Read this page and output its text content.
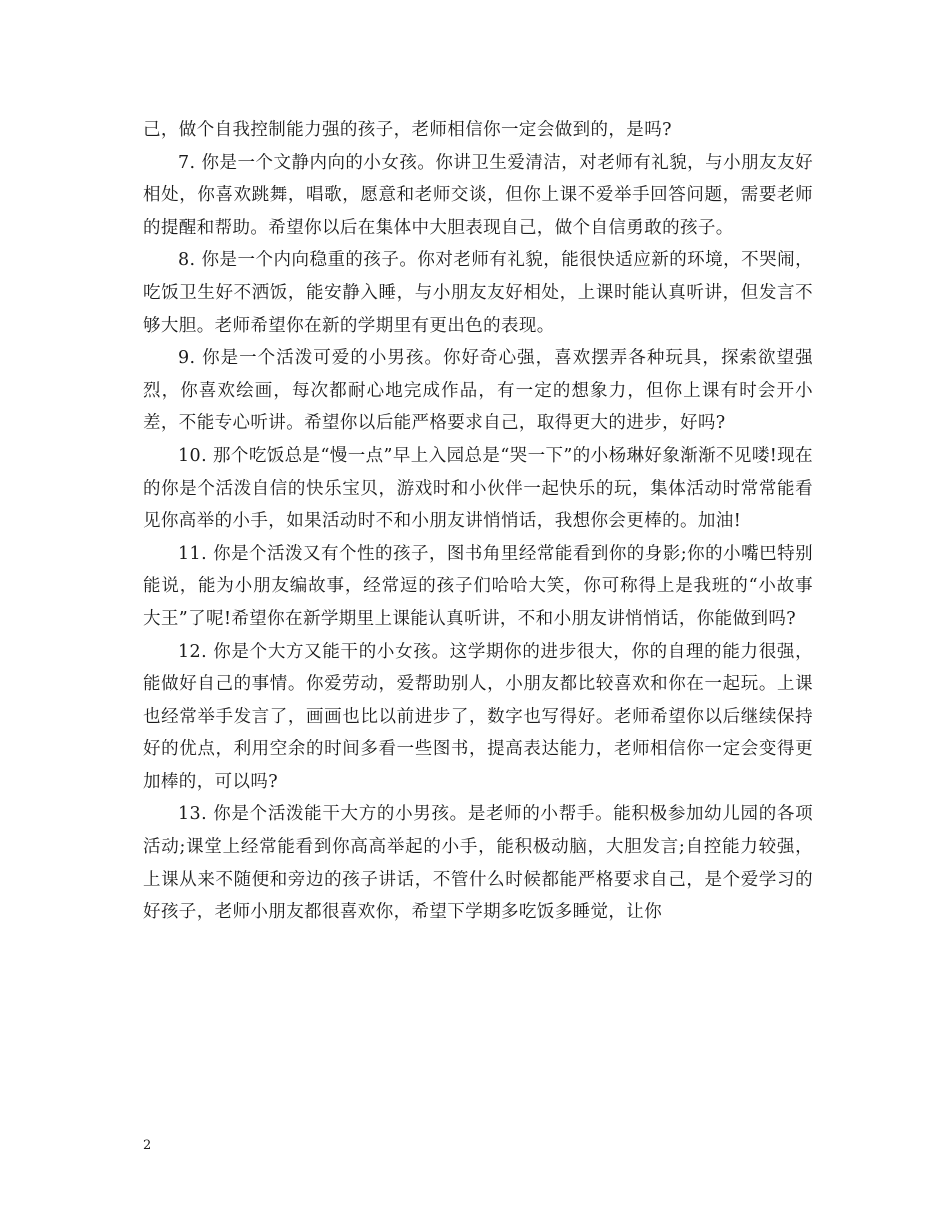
己，做个自我控制能力强的孩子，老师相信你一定会做到的，是吗?

7. 你是一个文静内向的小女孩。你讲卫生爱清洁，对老师有礼貌，与小朋友友好相处，你喜欢跳舞，唱歌，愿意和老师交谈，但你上课不爱举手回答问题，需要老师的提醒和帮助。希望你以后在集体中大胆表现自己，做个自信勇敢的孩子。

8. 你是一个内向稳重的孩子。你对老师有礼貌，能很快适应新的环境，不哭闹，吃饭卫生好不洒饭，能安静入睡，与小朋友友好相处，上课时能认真听讲，但发言不够大胆。老师希望你在新的学期里有更出色的表现。

9. 你是一个活泼可爱的小男孩。你好奇心强，喜欢摆弄各种玩具，探索欲望强烈，你喜欢绘画，每次都耐心地完成作品，有一定的想象力，但你上课有时会开小差，不能专心听讲。希望你以后能严格要求自己，取得更大的进步，好吗?

10. 那个吃饭总是“慢一点”早上入园总是“哭一下”的小杨琳好象渐渐不见喽!现在的你是个活泼自信的快乐宝贝，游戏时和小伙伴一起快乐的玩，集体活动时常常能看见你高举的小手，如果活动时不和小朋友讲悄悄话，我想你会更棒的。加油!

11. 你是个活泼又有个性的孩子，图书角里经常能看到你的身影;你的小嘴巴特别能说，能为小朋友编故事，经常逗的孩子们哈哈大笑，你可称得上是我班的“小故事大王”了呢!希望你在新学期里上课能认真听讲，不和小朋友讲悄悄话，你能做到吗?

12. 你是个大方又能干的小女孩。这学期你的进步很大，你的自理的能力很强，能做好自己的事情。你爱劳动，爱帮助别人，小朋友都比较喜欢和你在一起玩。上课也经常举手发言了，画画也比以前进步了，数字也写得好。老师希望你以后继续保持好的优点，利用空余的时间多看一些图书，提高表达能力，老师相信你一定会变得更加棒的，可以吗?

13. 你是个活泼能干大方的小男孩。是老师的小帮手。能积极参加幼儿园的各项活动;课堂上经常能看到你高高举起的小手，能积极动脑，大胆发言;自控能力较强，上课从来不随便和旁边的孩子讲话，不管什么时候都能严格要求自己，是个爱学习的好孩子，老师小朋友都很喜欢你，希望下学期多吃饭多睡觉，让你

2
